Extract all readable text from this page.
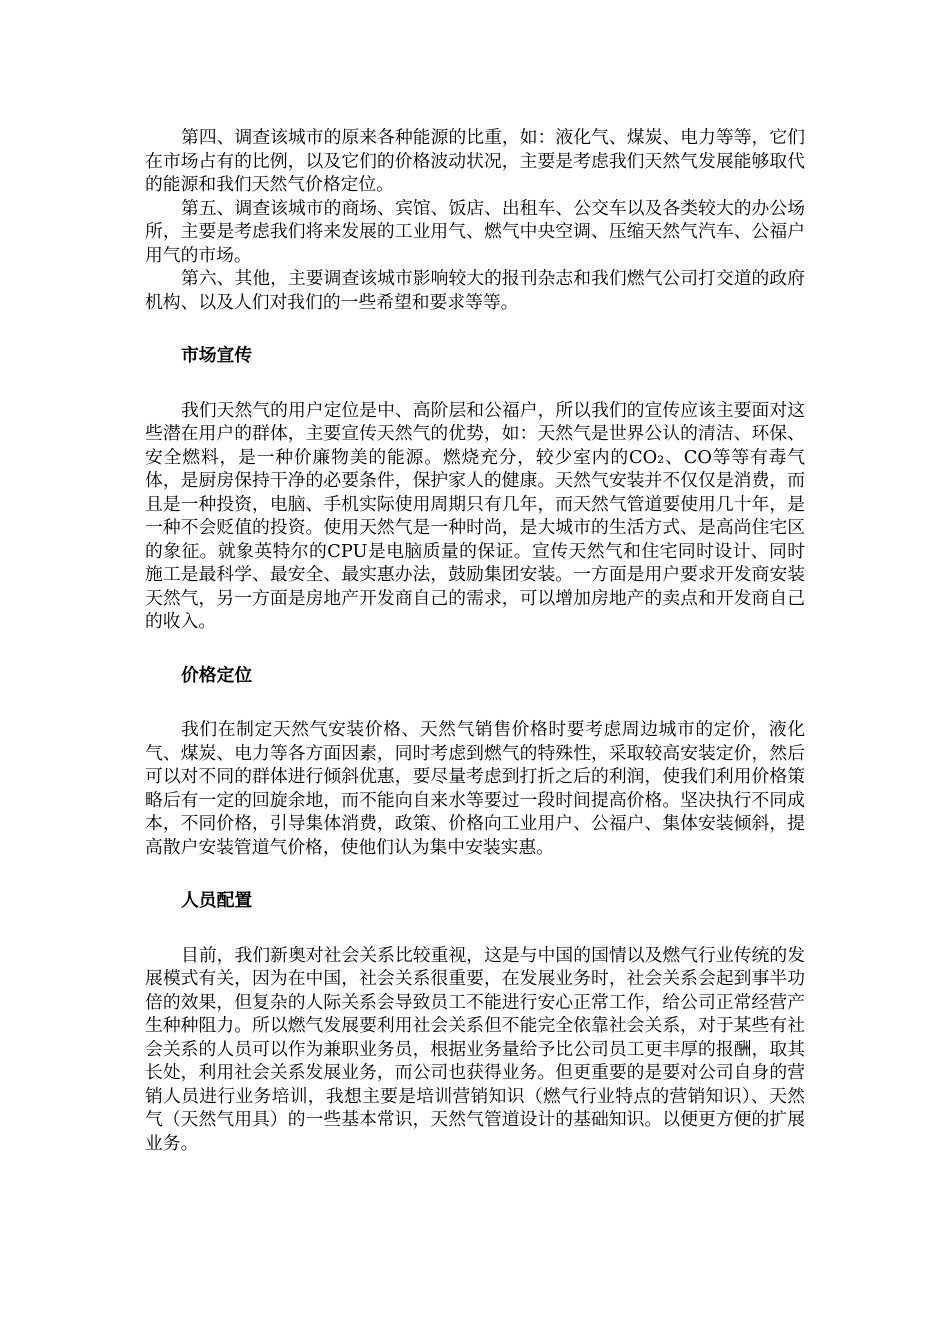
第四、调查该城市的原来各种能源的比重，如：液化气、煤炭、电力等等，它们在市场占有的比例，以及它们的价格波动状况，主要是考虑我们天然气发展能够取代的能源和我们天然气价格定位。

第五、调查该城市的商场、宾馆、饭店、出租车、公交车以及各类较大的办公场所，主要是考虑我们将来发展的工业用气、燃气中央空调、压缩天然气汽车、公福户用气的市场。

第六、其他，主要调查该城市影响较大的报刊杂志和我们燃气公司打交道的政府机构、以及人们对我们的一些希望和要求等等。

市场宣传

我们天然气的用户定位是中、高阶层和公福户，所以我们的宣传应该主要面对这些潜在用户的群体，主要宣传天然气的优势，如：天然气是世界公认的清洁、环保、安全燃料，是一种价廉物美的能源。燃烧充分，较少室内的CO₂、CO等等有毒气体，是厨房保持干净的必要条件，保护家人的健康。天然气安装并不仅仅是消费，而且是一种投资，电脑、手机实际使用周期只有几年，而天然气管道要使用几十年，是一种不会贬值的投资。使用天然气是一种时尚，是大城市的生活方式、是高尚住宅区的象征。就象英特尔的CPU是电脑质量的保证。宣传天然气和住宅同时设计、同时施工是最科学、最安全、最实惠办法，鼓励集团安装。一方面是用户要求开发商安装天然气，另一方面是房地产开发商自己的需求，可以增加房地产的卖点和开发商自己的收入。

价格定位

我们在制定天然气安装价格、天然气销售价格时要考虑周边城市的定价，液化气、煤炭、电力等各方面因素，同时考虑到燃气的特殊性，采取较高安装定价，然后可以对不同的群体进行倾斜优惠，要尽量考虑到打折之后的利润，使我们利用价格策略后有一定的回旋余地，而不能向自来水等要过一段时间提高价格。坚决执行不同成本，不同价格，引导集体消费，政策、价格向工业用户、公福户、集体安装倾斜，提高散户安装管道气价格，使他们认为集中安装实惠。

人员配置

目前，我们新奥对社会关系比较重视，这是与中国的国情以及燃气行业传统的发展模式有关，因为在中国，社会关系很重要，在发展业务时，社会关系会起到事半功倍的效果，但复杂的人际关系会导致员工不能进行安心正常工作，给公司正常经营产生种种阻力。所以燃气发展要利用社会关系但不能完全依靠社会关系，对于某些有社会关系的人员可以作为兼职业务员，根据业务量给予比公司员工更丰厚的报酬，取其长处，利用社会关系发展业务，而公司也获得业务。但更重要的是要对公司自身的营销人员进行业务培训，我想主要是培训营销知识（燃气行业特点的营销知识）、天然气（天然气用具）的一些基本常识，天然气管道设计的基础知识。以便更方便的扩展业务。
